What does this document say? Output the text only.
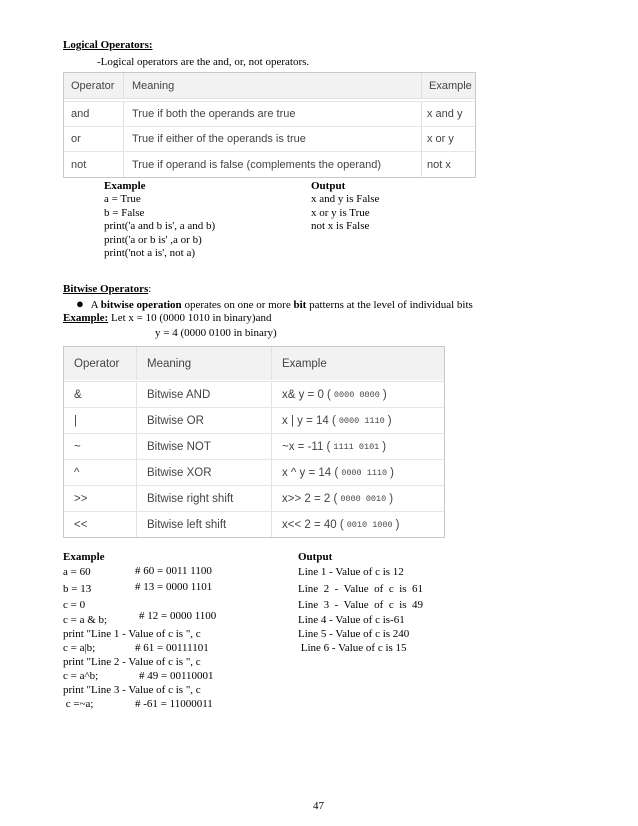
Logical Operators:
-Logical operators are the and, or, not operators.
Operator	Meaning	Example
and	True if both the operands are true	x and y
or	True if either of the operands is true	x or y
not	True if operand is false (complements the operand)	not x
Example	Output
a = True
b = False
print('a and b is', a and b)
print('a or b is' ,a or b)
print('not a is', not a)
x and y is False
x or y is True
not x is False
Bitwise Operators:
● A bitwise operation operates on one or more bit patterns at the level of individual bits
Example: Let x = 10 (0000 1010 in binary)and
y = 4 (0000 0100 in binary)
Operator	Meaning	Example
&	Bitwise AND	x& y = 0 ( 0000 0000 )
|	Bitwise OR	x | y = 14 ( 0000 1110 )
~	Bitwise NOT	~x = -11 ( 1111 0101 )
^	Bitwise XOR	x ^ y = 14 ( 0000 1110 )
>>	Bitwise right shift	x>> 2 = 2 ( 0000 0010 )
<<	Bitwise left shift	x<< 2 = 40 ( 0010 1000 )
Example	Output
a = 60	# 60 = 0011 1100
b = 13	# 13 = 0000 1101
c = 0
c = a & b;	# 12 = 0000 1100
print "Line 1 - Value of c is ", c
c = a|b;	# 61 = 00111101
print "Line 2 - Value of c is ", c
c = a^b;	# 49 = 00110001
print "Line 3 - Value of c is ", c
c =~a;	# -61 = 11000011
Line 1 - Value of c is 12
Line  2  -  Value  of  c  is  61
Line  3  -  Value  of  c  is  49
Line 4 - Value of c is-61
Line 5 - Value of c is 240
Line 6 - Value of c is 15
47
